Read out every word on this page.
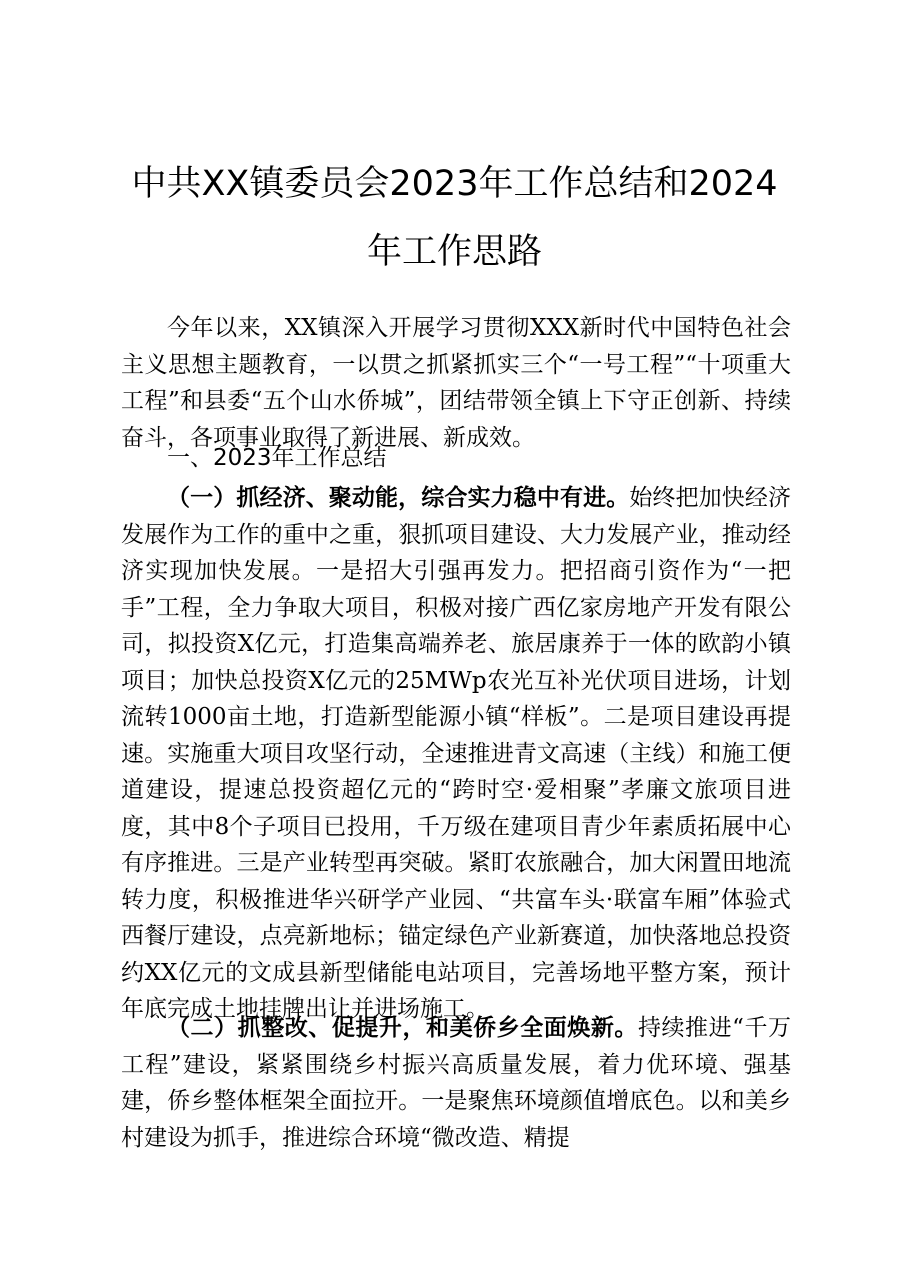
中共XX镇委员会2023年工作总结和2024
年工作思路

今年以来，XX镇深入开展学习贯彻XXX新时代中国特色社会主义思想主题教育，一以贯之抓紧抓实三个“一号工程”“十项重大工程”和县委“五个山水侨城”，团结带领全镇上下守正创新、持续奋斗，各项事业取得了新进展、新成效。

一、2023年工作总结

（一）抓经济、聚动能，综合实力稳中有进。始终把加快经济发展作为工作的重中之重，狠抓项目建设、大力发展产业，推动经济实现加快发展。一是招大引强再发力。把招商引资作为“一把手”工程，全力争取大项目，积极对接广西亿家房地产开发有限公司，拟投资X亿元，打造集高端养老、旅居康养于一体的欧韵小镇项目；加快总投资X亿元的25MWp农光互补光伏项目进场，计划流转1000亩土地，打造新型能源小镇“样板”。二是项目建设再提速。实施重大项目攻坚行动，全速推进青文高速（主线）和施工便道建设，提速总投资超亿元的“跨时空·爱相聚”孝廉文旅项目进度，其中8个子项目已投用，千万级在建项目青少年素质拓展中心有序推进。三是产业转型再突破。紧盯农旅融合，加大闲置田地流转力度，积极推进华兴研学产业园、“共富车头·联富车厢”体验式西餐厅建设，点亮新地标；锚定绿色产业新赛道，加快落地总投资约XX亿元的文成县新型储能电站项目，完善场地平整方案，预计年底完成土地挂牌出让并进场施工。

（二）抓整改、促提升，和美侨乡全面焕新。持续推进“千万工程”建设，紧紧围绕乡村振兴高质量发展，着力优环境、强基建，侨乡整体框架全面拉开。一是聚焦环境颜值增底色。以和美乡村建设为抓手，推进综合环境“微改造、精提
